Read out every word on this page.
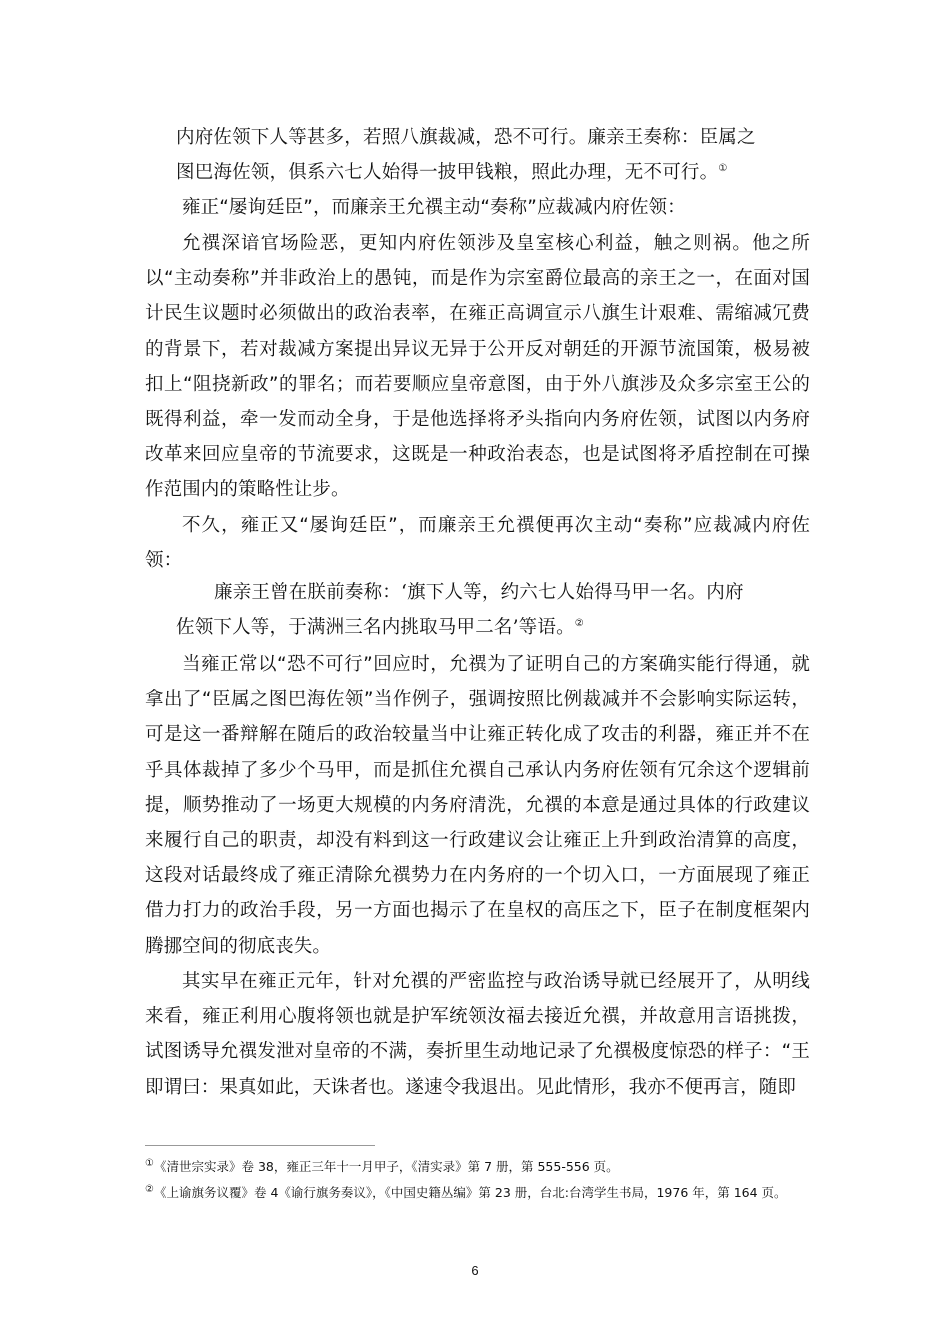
内府佐领下人等甚多，若照八旗裁减，恐不可行。廉亲王奏称：臣属之
图巴海佐领，俱系六七人始得一披甲钱粮，照此办理，无不可行。①
雍正“屡询廷臣”，而廉亲王允禩主动“奏称”应裁减内府佐领：
允禩深谙官场险恶，更知内府佐领涉及皇室核心利益，触之则祸。他之所以“主动奏称”并非政治上的愚钝，而是作为宗室爵位最高的亲王之一，在面对国计民生议题时必须做出的政治表率，在雍正高调宣示八旗生计艰难、需缩减冗费的背景下，若对裁减方案提出异议无异于公开反对朝廷的开源节流国策，极易被扣上“阻挠新政”的罪名；而若要顺应皇帝意图，由于外八旗涉及众多宗室王公的既得利益，牵一发而动全身，于是他选择将矛头指向内务府佐领，试图以内务府改革来回应皇帝的节流要求，这既是一种政治表态，也是试图将矛盾控制在可操作范围内的策略性让步。
不久，雍正又“屡询廷臣”，而廉亲王允禩便再次主动“奏称”应裁减内府佐领：
廉亲王曾在朕前奏称：‘旗下人等，约六七人始得马甲一名。内府
佐领下人等，于满洲三名内挑取马甲二名’等语。②
当雍正常以“恐不可行”回应时，允禩为了证明自己的方案确实能行得通，就拿出了“臣属之图巴海佐领”当作例子，强调按照比例裁减并不会影响实际运转，可是这一番辩解在随后的政治较量当中让雍正转化成了攻击的利器，雍正并不在乎具体裁掉了多少个马甲，而是抓住允禩自己承认内务府佐领有冗余这个逻辑前提，顺势推动了一场更大规模的内务府清洗，允禩的本意是通过具体的行政建议来履行自己的职责，却没有料到这一行政建议会让雍正上升到政治清算的高度，这段对话最终成了雍正清除允禩势力在内务府的一个切入口，一方面展现了雍正借力打力的政治手段，另一方面也揭示了在皇权的高压之下，臣子在制度框架内腾挪空间的彻底丧失。
其实早在雍正元年，针对允禩的严密监控与政治诱导就已经展开了，从明线来看，雍正利用心腹将领也就是护军统领汝福去接近允禩，并故意用言语挑拨，试图诱导允禩发泄对皇帝的不满，奏折里生动地记录了允禩极度惊恐的样子：“王即谓曰：果真如此，天诛者也。遂速令我退出。见此情形，我亦不便再言，随即
①《清世宗实录》卷 38，雍正三年十一月甲子，《清实录》第 7 册，第 555-556 页。
②《上谕旗务议覆》卷 4《谕行旗务奏议》，《中国史籍丛编》第 23 册，台北:台湾学生书局，1976 年，第 164 页。
6
